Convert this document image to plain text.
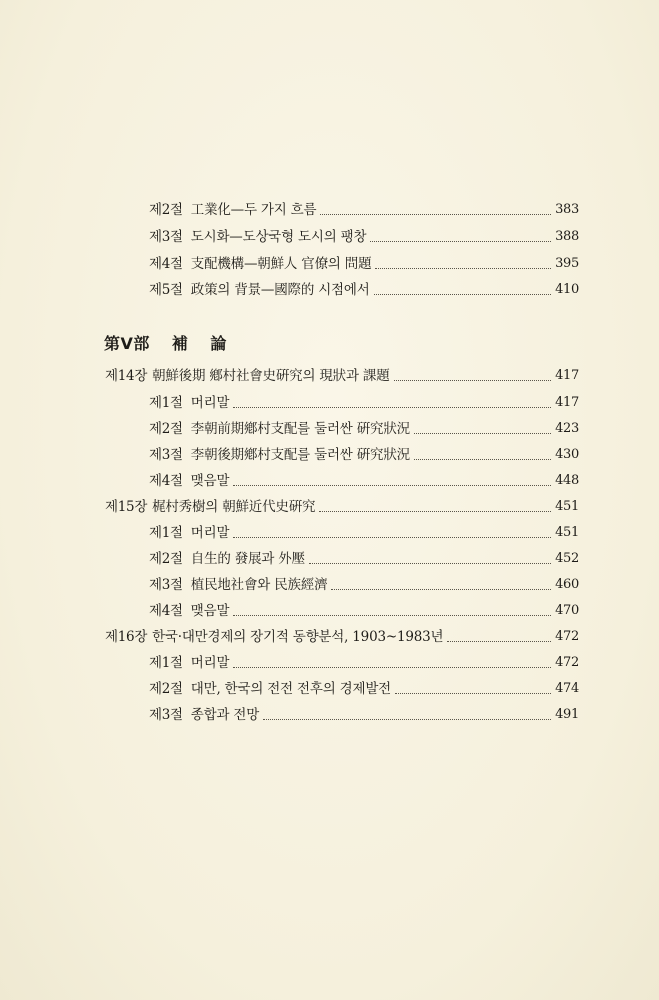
제2절 工業化—두 가지 흐름	383
제3절 도시화—도상국형 도시의 팽창	388
제4절 支配機構—朝鮮人 官僚의 問題	395
제5절 政策의 背景—國際的 시점에서	410
第Ⅴ部 補 論
제14장 朝鮮後期 鄕村社會史硏究의 現狀과 課題	417
제1절 머리말	417
제2절 李朝前期鄕村支配를 둘러싼 硏究狀況	423
제3절 李朝後期鄕村支配를 둘러싼 硏究狀況	430
제4절 맺음말	448
제15장 梶村秀樹의 朝鮮近代史硏究	451
제1절 머리말	451
제2절 自生的 發展과 外壓	452
제3절 植民地社會와 民族經濟	460
제4절 맺음말	470
제16장 한국·대만경제의 장기적 동향분석, 1903~1983년	472
제1절 머리말	472
제2절 대만, 한국의 전전 전후의 경제발전	474
제3절 종합과 전망	491
